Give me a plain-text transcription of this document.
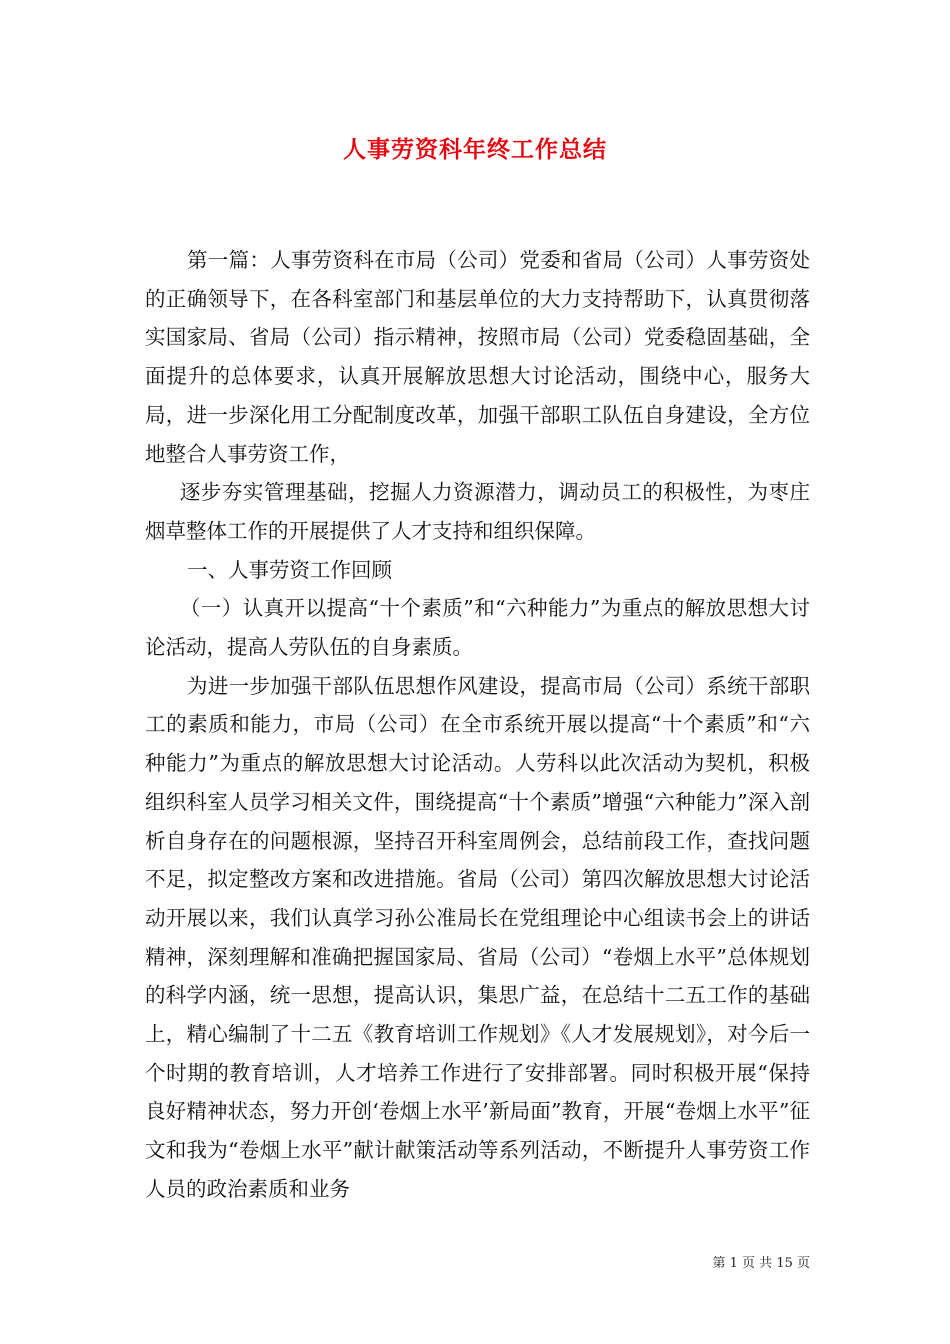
人事劳资科年终工作总结

第一篇：人事劳资科在市局（公司）党委和省局（公司）人事劳资处的正确领导下，在各科室部门和基层单位的大力支持帮助下，认真贯彻落实国家局、省局（公司）指示精神，按照市局（公司）党委稳固基础，全面提升的总体要求，认真开展解放思想大讨论活动，围绕中心，服务大局，进一步深化用工分配制度改革，加强干部职工队伍自身建设，全方位地整合人事劳资工作，

逐步夯实管理基础，挖掘人力资源潜力，调动员工的积极性，为枣庄烟草整体工作的开展提供了人才支持和组织保障。

一、人事劳资工作回顾

（一）认真开以提高“十个素质”和“六种能力”为重点的解放思想大讨论活动，提高人劳队伍的自身素质。

为进一步加强干部队伍思想作风建设，提高市局（公司）系统干部职工的素质和能力，市局（公司）在全市系统开展以提高“十个素质”和“六种能力”为重点的解放思想大讨论活动。人劳科以此次活动为契机，积极组织科室人员学习相关文件，围绕提高“十个素质”增强“六种能力”深入剖析自身存在的问题根源，坚持召开科室周例会，总结前段工作，查找问题不足，拟定整改方案和改进措施。省局（公司）第四次解放思想大讨论活动开展以来，我们认真学习孙公准局长在党组理论中心组读书会上的讲话精神，深刻理解和准确把握国家局、省局（公司）“卷烟上水平”总体规划的科学内涵，统一思想，提高认识，集思广益，在总结十二五工作的基础上，精心编制了十二五《教育培训工作规划》《人才发展规划》，对今后一个时期的教育培训，人才培养工作进行了安排部署。同时积极开展“保持良好精神状态，努力开创‘卷烟上水平’新局面”教育，开展“卷烟上水平”征文和我为“卷烟上水平”献计献策活动等系列活动，不断提升人事劳资工作人员的政治素质和业务

第 1 页 共 15 页
